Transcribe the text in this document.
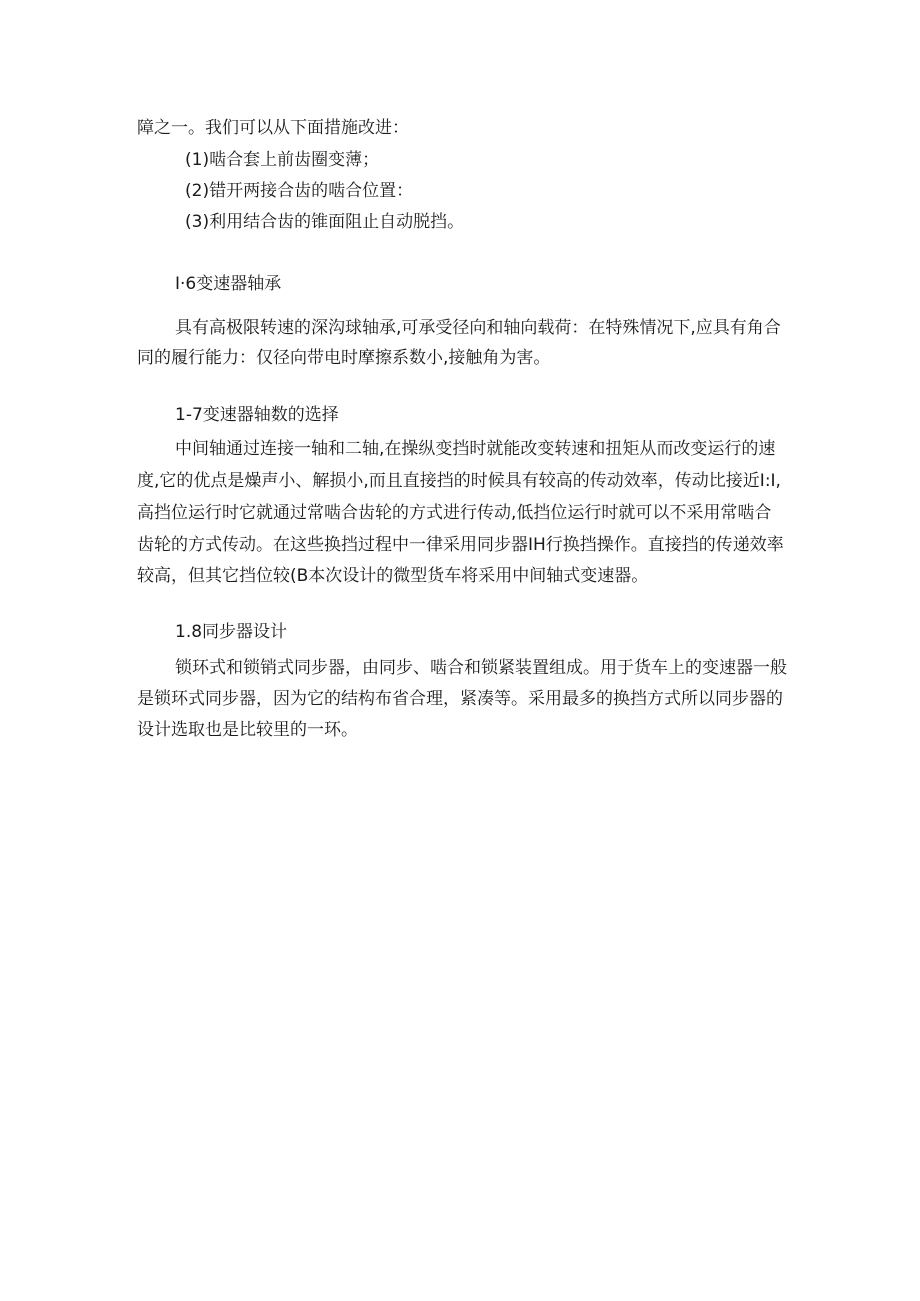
障之一。我们可以从下面措施改进：
(1)啮合套上前齿圈变薄；
(2)错开两接合齿的啮合位置：
(3)利用结合齿的锥面阻止自动脱挡。
I·6变速器轴承
具有高极限转速的深沟球轴承,可承受径向和轴向载荷：在特殊情况下,应具有角合
同的履行能力：仅径向带电时摩擦系数小,接触角为害。
1-7变速器轴数的选择
中间轴通过连接一轴和二轴,在操纵变挡时就能改变转速和扭矩从而改变运行的速
度,它的优点是燥声小、解损小,而且直接挡的时候具有较高的传动效率，传动比接近I:I,
高挡位运行时它就通过常啮合齿轮的方式进行传动,低挡位运行时就可以不采用常啮合
齿轮的方式传动。在这些换挡过程中一律采用同步器IH行换挡操作。直接挡的传递效率
较高，但其它挡位较(B本次设计的微型货车将采用中间轴式变速器。
1.8同步器设计
锁环式和锁销式同步器，由同步、啮合和锁紧装置组成。用于货车上的变速器一般
是锁环式同步器，因为它的结构布省合理，紧凑等。采用最多的换挡方式所以同步器的
设计选取也是比较里的一环。
